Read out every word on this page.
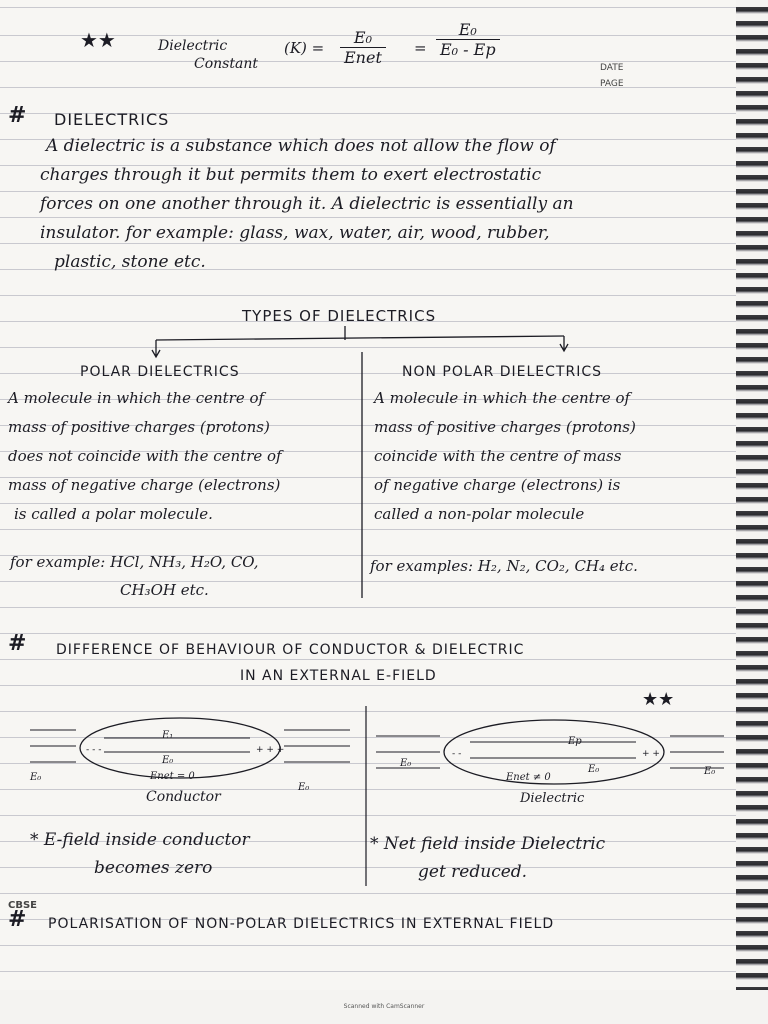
★★	Dielectric
Constant
(K) =
E₀
Enet = $\frac{\text{E₀}}{\text{E₀ - Ep}}$
DATE
PAGE
# DIELECTRICS
A dielectric is a substance which does not allow the flow of
charges through it but permits them to exert electrostatic
forces on one another through it. A dielectric is essentially an
insulator. for example: glass, wax, water, air, wood, rubber,
plastic, stone etc.
TYPES OF DIELECTRICS
POLAR DIELECTRICS	NON POLAR DIELECTRICS
A molecule in which the centre of
mass of positive charges (protons)
does not coincide with the centre of
mass of negative charge (electrons)
is called a polar molecule.
for example: HCl, NH₃, H₂O, CO,
CH₃OH etc.
A molecule in which the centre of
mass of positive charges (protons)
coincide with the centre of mass
of negative charge (electrons) is
called a non-polar molecule
for examples: H₂, N₂, CO₂, CH₄ etc.
# DIFFERENCE OF BEHAVIOUR OF CONDUCTOR & DIELECTRIC
IN AN EXTERNAL E-FIELD
★★
E₁
E₀
Enet = 0
E₀
E₀
Conductor
Ep
E₀
Enet ≠ 0
E₀
E₀
Dielectric
* E-field inside conductor
becomes zero
* Net field inside Dielectric
get reduced.
CBSE
# POLARISATION OF NON-POLAR DIELECTRICS IN EXTERNAL FIELD
- - -	+ + +	- -	+ +
Scanned with CamScanner
